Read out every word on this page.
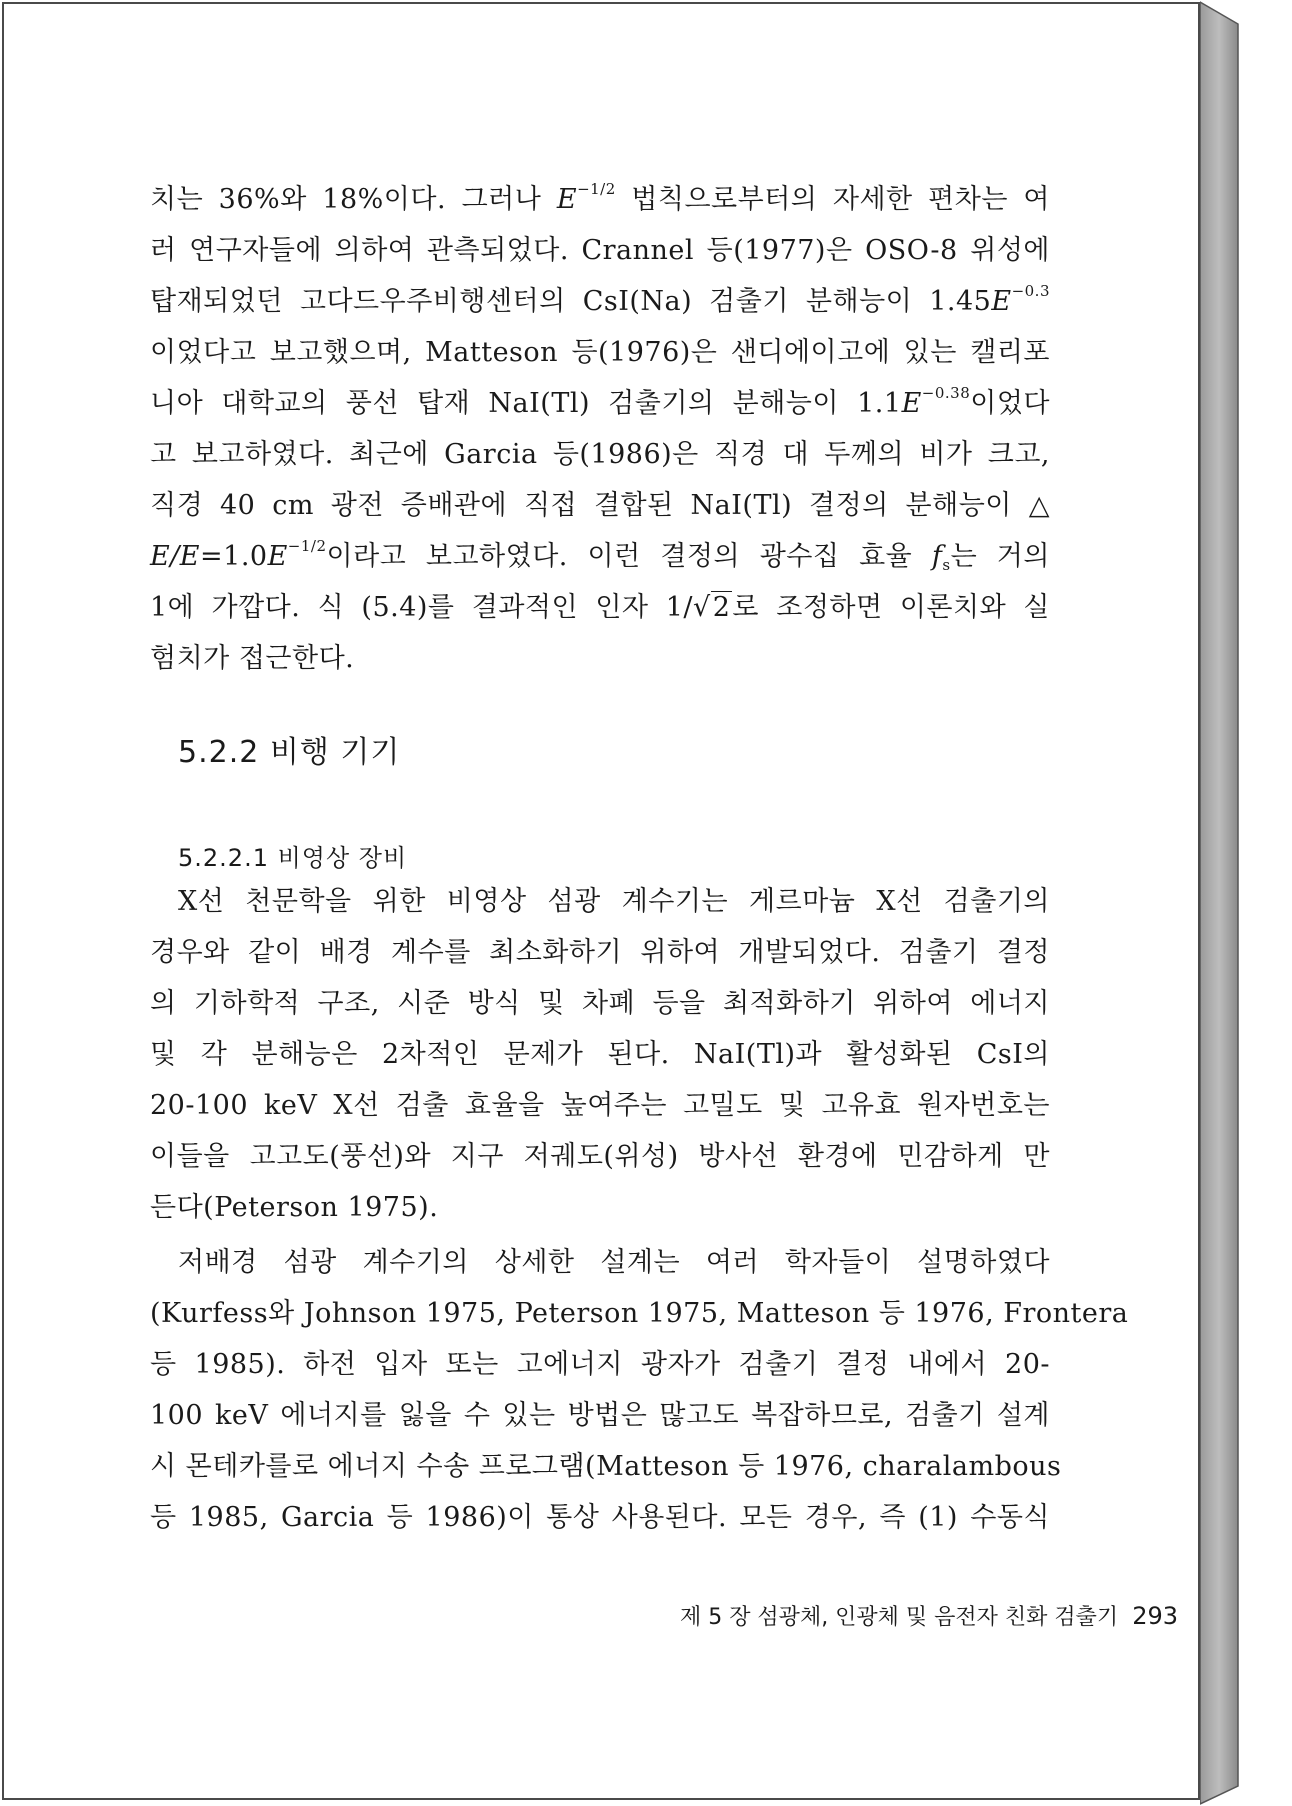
치는 36%와 18%이다. 그러나 $E^{-1/2}$ 법칙으로부터의 자세한 편차는 여
러 연구자들에 의하여 관측되었다. Crannel 등(1977)은 OSO-8 위성에
탑재되었던 고다드우주비행센터의 CsI(Na) 검출기 분해능이 $1.45E^{-0.3}$
이었다고 보고했으며, Matteson 등(1976)은 샌디에이고에 있는 캘리포
니아 대학교의 풍선 탑재 NaI(Tl) 검출기의 분해능이 $1.1E^{-0.38}$이었다
고 보고하였다. 최근에 Garcia 등(1986)은 직경 대 두께의 비가 크고,
직경 40 cm 광전 증배관에 직접 결합된 NaI(Tl) 결정의 분해능이 △
$E/E=1.0E^{-1/2}$이라고 보고하였다. 이런 결정의 광수집 효율 $f_s$는 거의
1에 가깝다. 식 (5.4)를 결과적인 인자 1/√2로 조정하면 이론치와 실
험치가 접근한다.
5.2.2 비행 기기
5.2.2.1 비영상 장비
X선 천문학을 위한 비영상 섬광 계수기는 게르마늄 X선 검출기의
경우와 같이 배경 계수를 최소화하기 위하여 개발되었다. 검출기 결정
의 기하학적 구조, 시준 방식 및 차폐 등을 최적화하기 위하여 에너지
및 각 분해능은 2차적인 문제가 된다. NaI(Tl)과 활성화된 CsI의
20-100 keV X선 검출 효율을 높여주는 고밀도 및 고유효 원자번호는
이들을 고고도(풍선)와 지구 저궤도(위성) 방사선 환경에 민감하게 만
든다(Peterson 1975).
저배경 섬광 계수기의 상세한 설계는 여러 학자들이 설명하였다
(Kurfess와 Johnson 1975, Peterson 1975, Matteson 등 1976, Frontera
등 1985). 하전 입자 또는 고에너지 광자가 검출기 결정 내에서 20-
100 keV 에너지를 잃을 수 있는 방법은 많고도 복잡하므로, 검출기 설계
시 몬테카를로 에너지 수송 프로그램(Matteson 등 1976, charalambous
등 1985, Garcia 등 1986)이 통상 사용된다. 모든 경우, 즉 (1) 수동식
제 5 장 섬광체, 인광체 및 음전자 친화 검출기 293
